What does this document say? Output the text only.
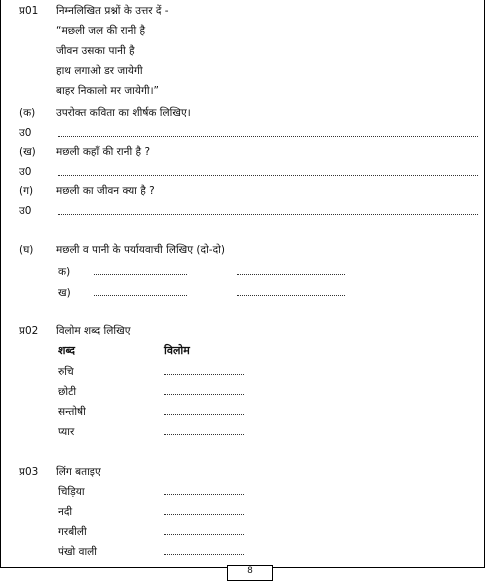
प्र01 निम्नलिखित प्रश्नों के उत्तर दें -
“मछली जल की रानी है
जीवन उसका पानी है
हाथ लगाओ डर जायेगी
बाहर निकालो मर जायेगी।”
(क) उपरोक्त कविता का शीर्षक लिखिए।
उ0
(ख) मछली कहाँ की रानी है ?
उ0
(ग) मछली का जीवन क्या है ?
उ0
(घ) मछली व पानी के पर्यायवाची लिखिए (दो-दो)
क)
ख)
प्र02 विलोम शब्द लिखिए
शब्द	विलोम
रुचि
छोटी
सन्तोषी
प्यार
प्र03 लिंग बताइए
चिड़िया
नदी
गरबीली
पंखो वाली
8
